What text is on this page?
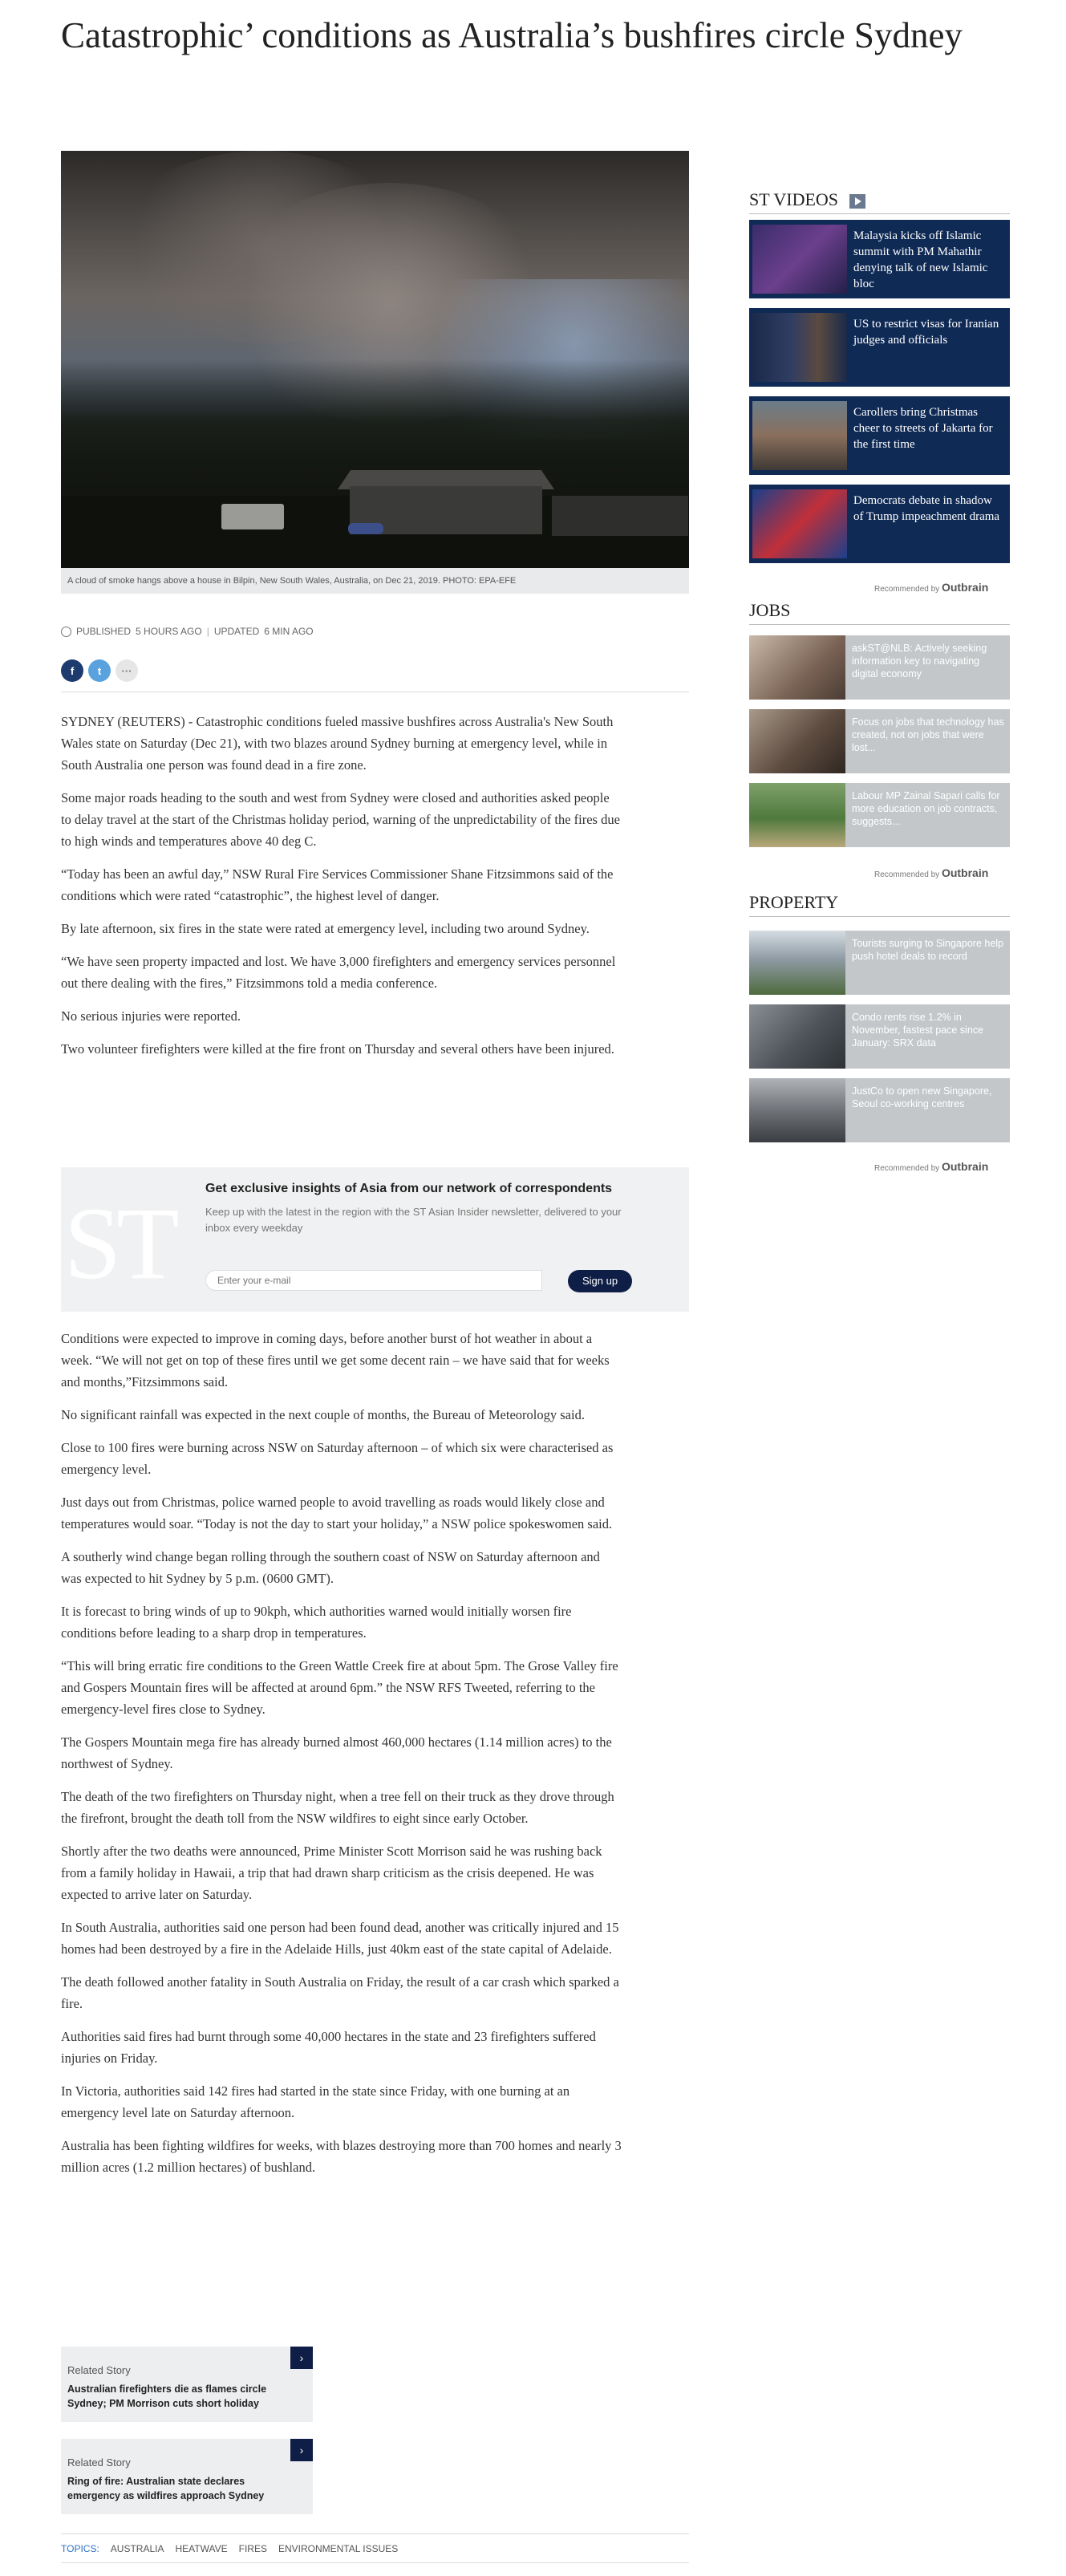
Catastrophic’ conditions as Australia’s bushfires circle Sydney
A cloud of smoke hangs above a house in Bilpin, New South Wales, Australia, on Dec 21, 2019. PHOTO: EPA-EFE
PUBLISHED 5 HOURS AGO | UPDATED 6 MIN AGO
f	t	···

SYDNEY (REUTERS) - Catastrophic conditions fueled massive bushfires across Australia's New South Wales state on Saturday (Dec 21), with two blazes around Sydney burning at emergency level, while in South Australia one person was found dead in a fire zone.

Some major roads heading to the south and west from Sydney were closed and authorities asked people to delay travel at the start of the Christmas holiday period, warning of the unpredictability of the fires due to high winds and temperatures above 40 deg C.

“Today has been an awful day,” NSW Rural Fire Services Commissioner Shane Fitzsimmons said of the conditions which were rated “catastrophic”, the highest level of danger.

By late afternoon, six fires in the state were rated at emergency level, including two around Sydney.

“We have seen property impacted and lost. We have 3,000 firefighters and emergency services personnel out there dealing with the fires,” Fitzsimmons told a media conference.

No serious injuries were reported.

Two volunteer firefighters were killed at the fire front on Thursday and several others have been injured.

ST Get exclusive insights of Asia from our network of correspondents
Keep up with the latest in the region with the ST Asian Insider newsletter, delivered to your inbox every weekday
Enter your e-mail
Sign up

Conditions were expected to improve in coming days, before another burst of hot weather in about a week. “We will not get on top of these fires until we get some decent rain – we have said that for weeks and months,”Fitzsimmons said.

No significant rainfall was expected in the next couple of months, the Bureau of Meteorology said.

Close to 100 fires were burning across NSW on Saturday afternoon – of which six were characterised as emergency level.

Just days out from Christmas, police warned people to avoid travelling as roads would likely close and temperatures would soar. “Today is not the day to start your holiday,” a NSW police spokeswomen said.

A southerly wind change began rolling through the southern coast of NSW on Saturday afternoon and was expected to hit Sydney by 5 p.m. (0600 GMT).

It is forecast to bring winds of up to 90kph, which authorities warned would initially worsen fire conditions before leading to a sharp drop in temperatures.

“This will bring erratic fire conditions to the Green Wattle Creek fire at about 5pm. The Grose Valley fire and Gospers Mountain fires will be affected at around 6pm.” the NSW RFS Tweeted, referring to the emergency-level fires close to Sydney.

The Gospers Mountain mega fire has already burned almost 460,000 hectares (1.14 million acres) to the northwest of Sydney.

The death of the two firefighters on Thursday night, when a tree fell on their truck as they drove through the firefront, brought the death toll from the NSW wildfires to eight since early October.

Shortly after the two deaths were announced, Prime Minister Scott Morrison said he was rushing back from a family holiday in Hawaii, a trip that had drawn sharp criticism as the crisis deepened. He was expected to arrive later on Saturday.

In South Australia, authorities said one person had been found dead, another was critically injured and 15 homes had been destroyed by a fire in the Adelaide Hills, just 40km east of the state capital of Adelaide.

The death followed another fatality in South Australia on Friday, the result of a car crash which sparked a fire.

Authorities said fires had burnt through some 40,000 hectares in the state and 23 firefighters suffered injuries on Friday.

In Victoria, authorities said 142 fires had started in the state since Friday, with one burning at an emergency level late on Saturday afternoon.

Australia has been fighting wildfires for weeks, with blazes destroying more than 700 homes and nearly 3 million acres (1.2 million hectares) of bushland.

Related Story
Australian firefighters die as flames circle Sydney; PM Morrison cuts short holiday
›
Related Story
Ring of fire: Australian state declares emergency as wildfires approach Sydney
›
TOPICS: AUSTRALIA HEATWAVE FIRES ENVIRONMENTAL ISSUES
ST VIDEOS
Malaysia kicks off Islamic summit with PM Mahathir denying talk of new Islamic bloc
US to restrict visas for Iranian judges and officials
Carollers bring Christmas cheer to streets of Jakarta for the first time
Democrats debate in shadow of Trump impeachment drama
Recommended by Outbrain
JOBS
askST@NLB: Actively seeking information key to navigating digital economy
Focus on jobs that technology has created, not on jobs that were lost...
Labour MP Zainal Sapari calls for more education on job contracts, suggests...
Recommended by Outbrain
PROPERTY
Tourists surging to Singapore help push hotel deals to record
Condo rents rise 1.2% in November, fastest pace since January: SRX data
JustCo to open new Singapore, Seoul co-working centres
Recommended by Outbrain
